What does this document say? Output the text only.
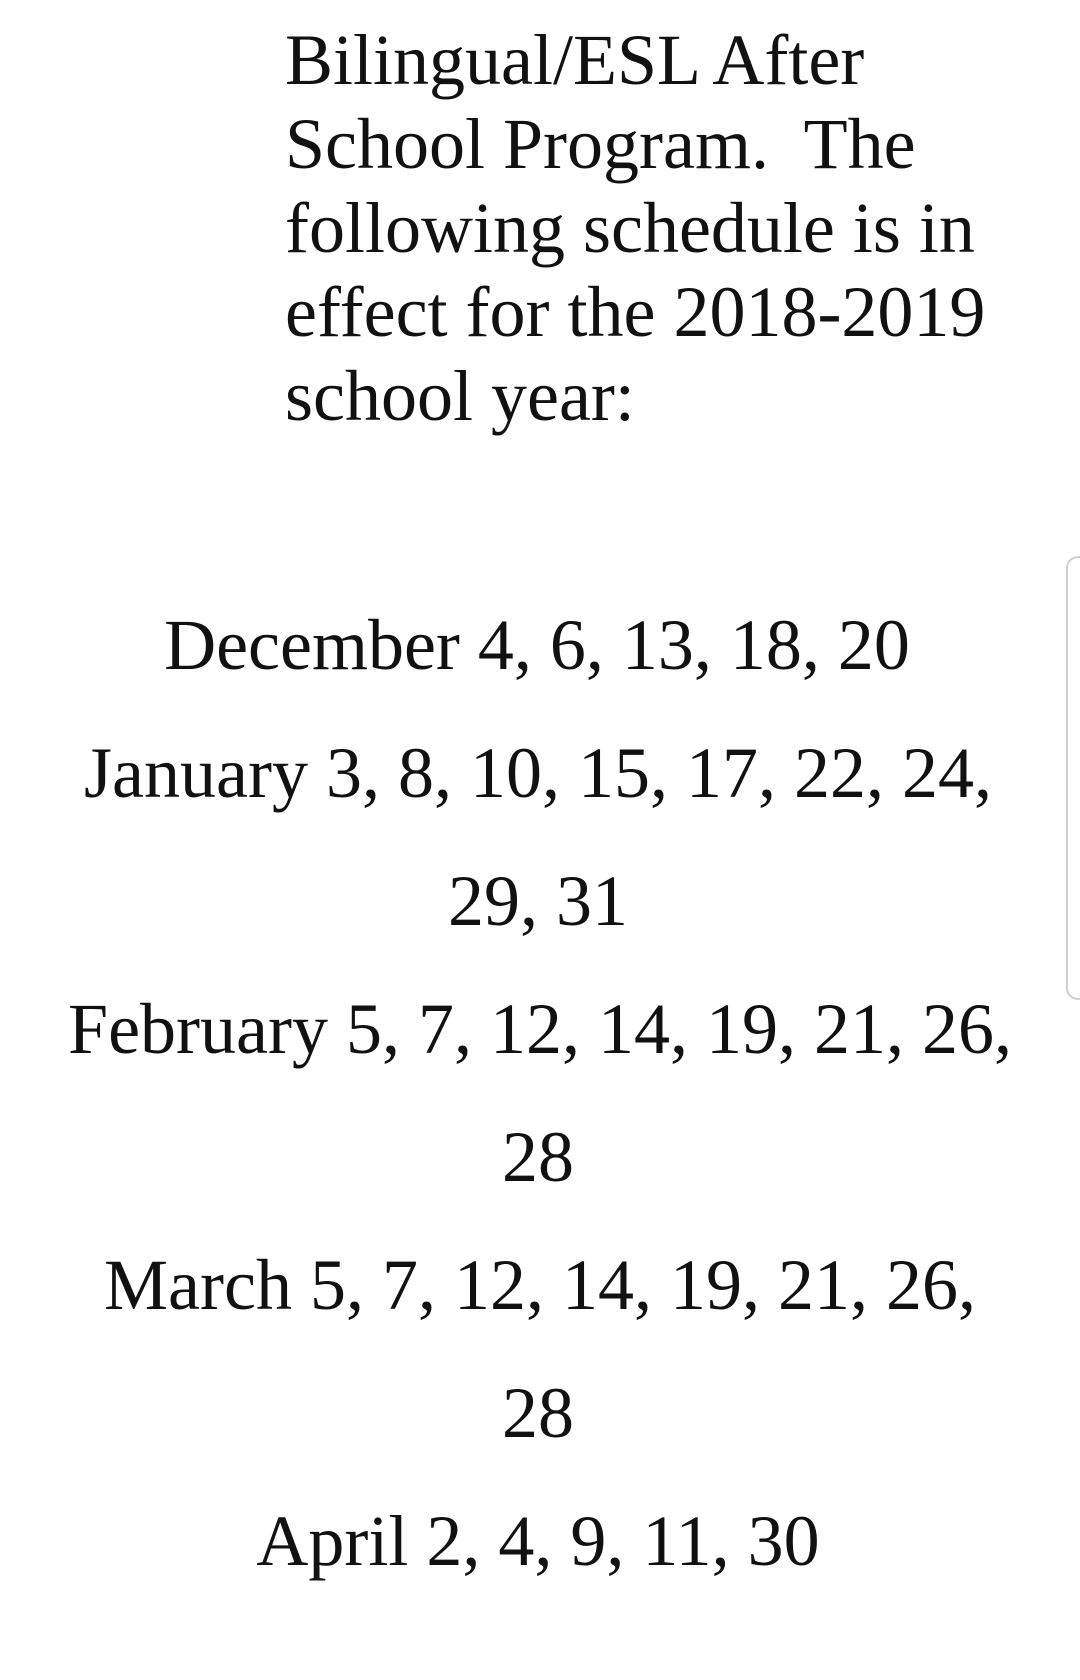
Bilingual/ESL After
School Program.  The
following schedule is in
effect for the 2018-2019
school year:
December 4, 6, 13, 18, 20
January 3, 8, 10, 15, 17, 22, 24,
29, 31
February 5, 7, 12, 14, 19, 21, 26,
28
March 5, 7, 12, 14, 19, 21, 26,
28
April 2, 4, 9, 11, 30
